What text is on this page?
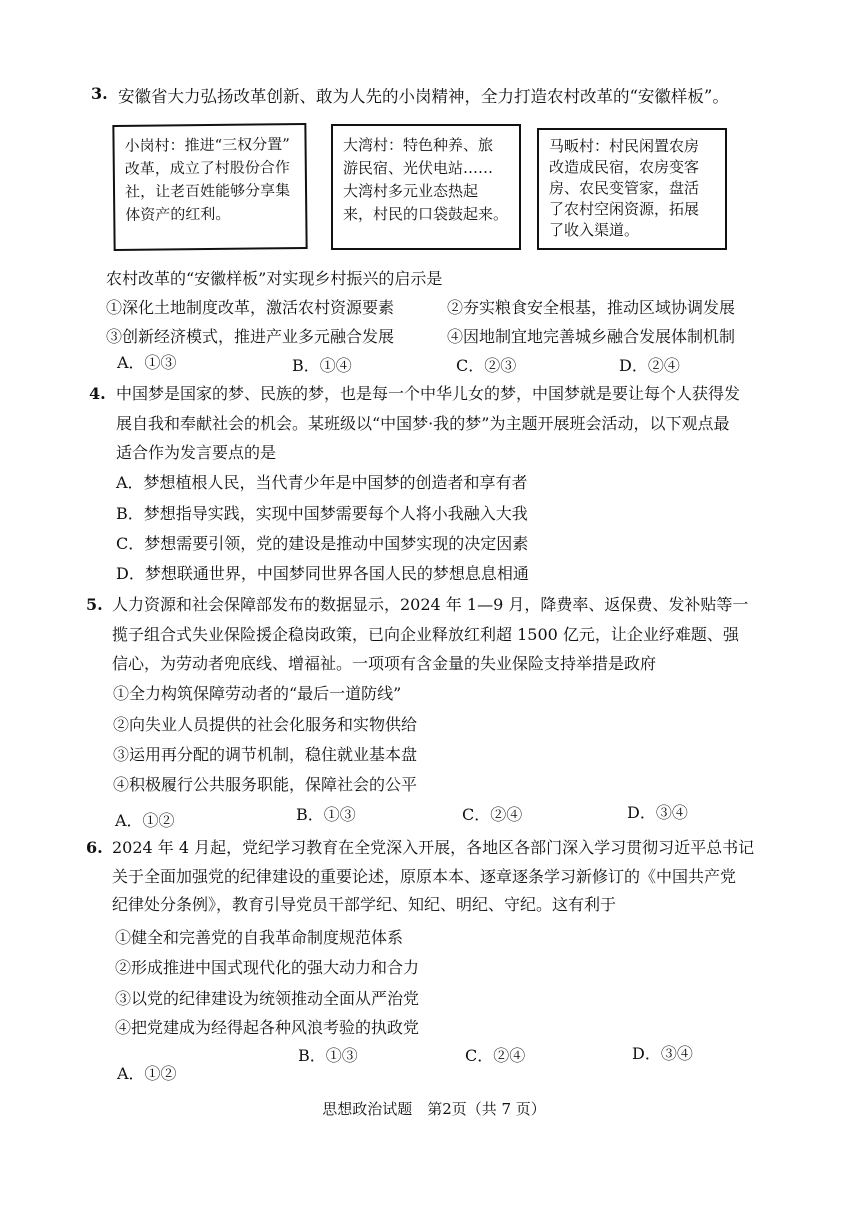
3. 安徽省大力弘扬改革创新、敢为人先的小岗精神，全力打造农村改革的“安徽样板”。
小岗村：推进“三权分置”
改革，成立了村股份合作
社，让老百姓能够分享集
体资产的红利。
大湾村：特色种养、旅
游民宿、光伏电站……
大湾村多元业态热起
来，村民的口袋鼓起来。
马畈村：村民闲置农房
改造成民宿，农房变客
房、农民变管家，盘活
了农村空闲资源，拓展
了收入渠道。
农村改革的“安徽样板”对实现乡村振兴的启示是
①深化土地制度改革，激活农村资源要素	②夯实粮食安全根基，推动区域协调发展
③创新经济模式，推进产业多元融合发展	④因地制宜地完善城乡融合发展体制机制
A．①③	B．①④	C．②③	D．②④
4. 中国梦是国家的梦、民族的梦，也是每一个中华儿女的梦，中国梦就是要让每个人获得发
展自我和奉献社会的机会。某班级以“中国梦·我的梦”为主题开展班会活动，以下观点最
适合作为发言要点的是
A．梦想植根人民，当代青少年是中国梦的创造者和享有者
B．梦想指导实践，实现中国梦需要每个人将小我融入大我
C．梦想需要引领，党的建设是推动中国梦实现的决定因素
D．梦想联通世界，中国梦同世界各国人民的梦想息息相通
5. 人力资源和社会保障部发布的数据显示，2024 年 1—9 月，降费率、返保费、发补贴等一
揽子组合式失业保险援企稳岗政策，已向企业释放红利超 1500 亿元，让企业纾难题、强
信心，为劳动者兜底线、增福祉。一项项有含金量的失业保险支持举措是政府
①全力构筑保障劳动者的“最后一道防线”
②向失业人员提供的社会化服务和实物供给
③运用再分配的调节机制，稳住就业基本盘
④积极履行公共服务职能，保障社会的公平
A．①②	B．①③	C．②④	D．③④
6. 2024 年 4 月起，党纪学习教育在全党深入开展，各地区各部门深入学习贯彻习近平总书记
关于全面加强党的纪律建设的重要论述，原原本本、逐章逐条学习新修订的《中国共产党
纪律处分条例》，教育引导党员干部学纪、知纪、明纪、守纪。这有利于
①健全和完善党的自我革命制度规范体系
②形成推进中国式现代化的强大动力和合力
③以党的纪律建设为统领推动全面从严治党
④把党建成为经得起各种风浪考验的执政党
A．①②
B．①③	C．②④	D．③④
思想政治试题　第2页（共 7 页）
